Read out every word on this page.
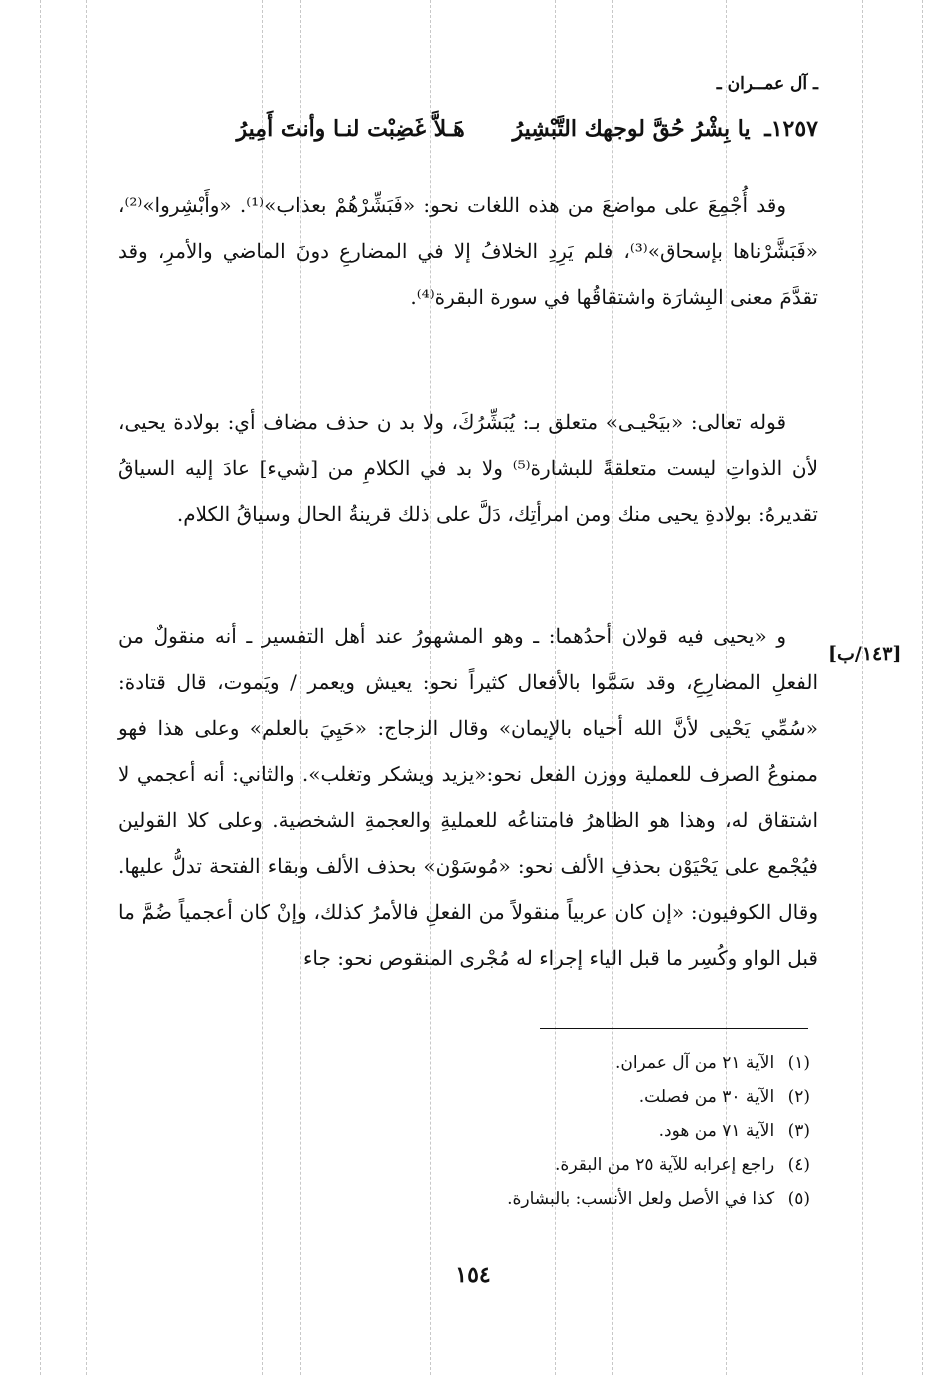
ـ آل عمــران ـ
١٢٥٧ـ يا بِشْرُ حُقَّ لوجهك التَّبْشِيرُ هَـلاَّ غَضِبْت لنـا وأنتَ أَمِيرُ

وقد أُجْمِعَ على مواضعَ من هذه اللغات نحو: «فَبَشِّرْهُمْ بعذاب»⁽¹⁾. «وأَبْشِروا»⁽²⁾، «فَبَشَّرْناها بإسحاق»⁽³⁾، فلم يَرِدِ الخلافُ إلا في المضارعِ دونَ الماضي والأمرِ، وقد تقدَّمَ معنى البِشارَة واشتقاقُها في سورة البقرة⁽⁴⁾.

قوله تعالى: «بيَحْيـى» متعلق بـ: يُبَشِّرُكَ، ولا بد ن حذف مضاف أي: بولادة يحيى، لأن الذواتِ ليست متعلقةً للبشارة⁽⁵⁾ ولا بد في الكلامِ من [شيء] عادَ إليه السياقُ تقديرهُ: بولادةِ يحيى منك ومن امرأتِك، دَلَّ على ذلك قرينةُ الحال وسياقُ الكلام.

و «يحيى فيه قولان أحدُهما: ـ وهو المشهورُ عند أهل التفسير ـ أنه منقولٌ من الفعلِ المضارِعِ، وقد سَمَّوا بالأفعال كثيراً نحو: يعيش ويعمر / ويَموت، قال قتادة: «سُمِّي يَحْيى لأنَّ الله أحياه بالإيمان» وقال الزجاج: «حَيِيَ بالعلم» وعلى هذا فهو ممنوعُ الصرف للعملية ووزن الفعل نحو:«يزيد ويشكر وتغلب». والثاني: أنه أعجمي لا اشتقاق له، وهذا هو الظاهرُ فامتناعُه للعمليةِ والعجمةِ الشخصية. وعلى كلا القولين فيُجْمع على يَحْيَوْن بحذفِ الألف نحو: «مُوسَوْن» بحذف الألف وبقاء الفتحة تدلُّ عليها. وقال الكوفيون: «إن كان عربياً منقولاً من الفعلِ فالأمرُ كذلك، وإنْ كان أعجمياً ضُمَّ ما قبل الواو وكُسِر ما قبل الياء إجراء له مُجْرى المنقوص نحو: جاء

[١٤٣/ب]
(١) الآية ٢١ من آل عمران.
(٢) الآية ٣٠ من فصلت.
(٣) الآية ٧١ من هود.
(٤) راجع إعرابه للآية ٢٥ من البقرة.
(٥) كذا في الأصل ولعل الأنسب: بالبشارة.
١٥٤
